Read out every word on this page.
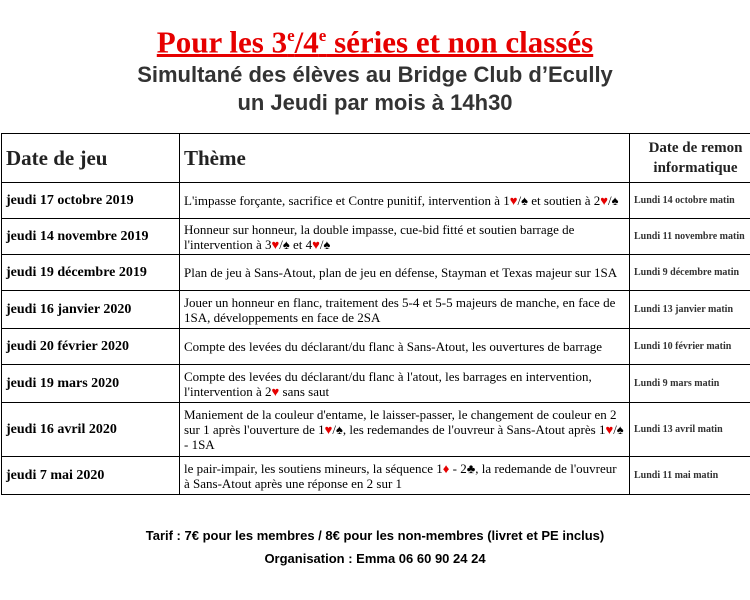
Pour les 3e/4e séries et non classés
Simultané des élèves au Bridge Club d’Ecully
un Jeudi par mois à 14h30
Date de jeu	Thème	Date de remon
informatique

jeudi 17 octobre 2019	L'impasse forçante, sacrifice et Contre punitif, intervention à 1♥/♠ et soutien à 2♥/♠	Lundi 14 octobre matin
jeudi 14 novembre 2019	Honneur sur honneur, la double impasse, cue-bid fitté et soutien barrage de l'intervention à 3♥/♠ et 4♥/♠	Lundi 11 novembre matin
jeudi 19 décembre 2019	Plan de jeu à Sans-Atout, plan de jeu en défense, Stayman et Texas majeur sur 1SA	Lundi 9 décembre matin
jeudi 16 janvier 2020	Jouer un honneur en flanc, traitement des 5-4 et 5-5 majeurs de manche, en face de 1SA, développements en face de 2SA	Lundi 13 janvier matin
jeudi 20 février 2020	Compte des levées du déclarant/du flanc à Sans-Atout, les ouvertures de barrage	Lundi 10 février matin
jeudi 19 mars 2020	Compte des levées du déclarant/du flanc à l'atout, les barrages en intervention, l'intervention à 2♥ sans saut	Lundi 9 mars matin
jeudi 16 avril 2020	Maniement de la couleur d'entame, le laisser-passer, le changement de couleur en 2 sur 1 après l'ouverture de 1♥/♠, les redemandes de l'ouvreur à Sans-Atout après 1♥/♠ - 1SA	Lundi 13 avril matin
jeudi 7 mai 2020	le pair-impair, les soutiens mineurs, la séquence 1♦ - 2♣, la redemande de l'ouvreur à Sans-Atout après une réponse en 2 sur 1	Lundi 11 mai matin
Tarif : 7€ pour les membres / 8€ pour les non-membres (livret et PE inclus)
Organisation : Emma 06 60 90 24 24
